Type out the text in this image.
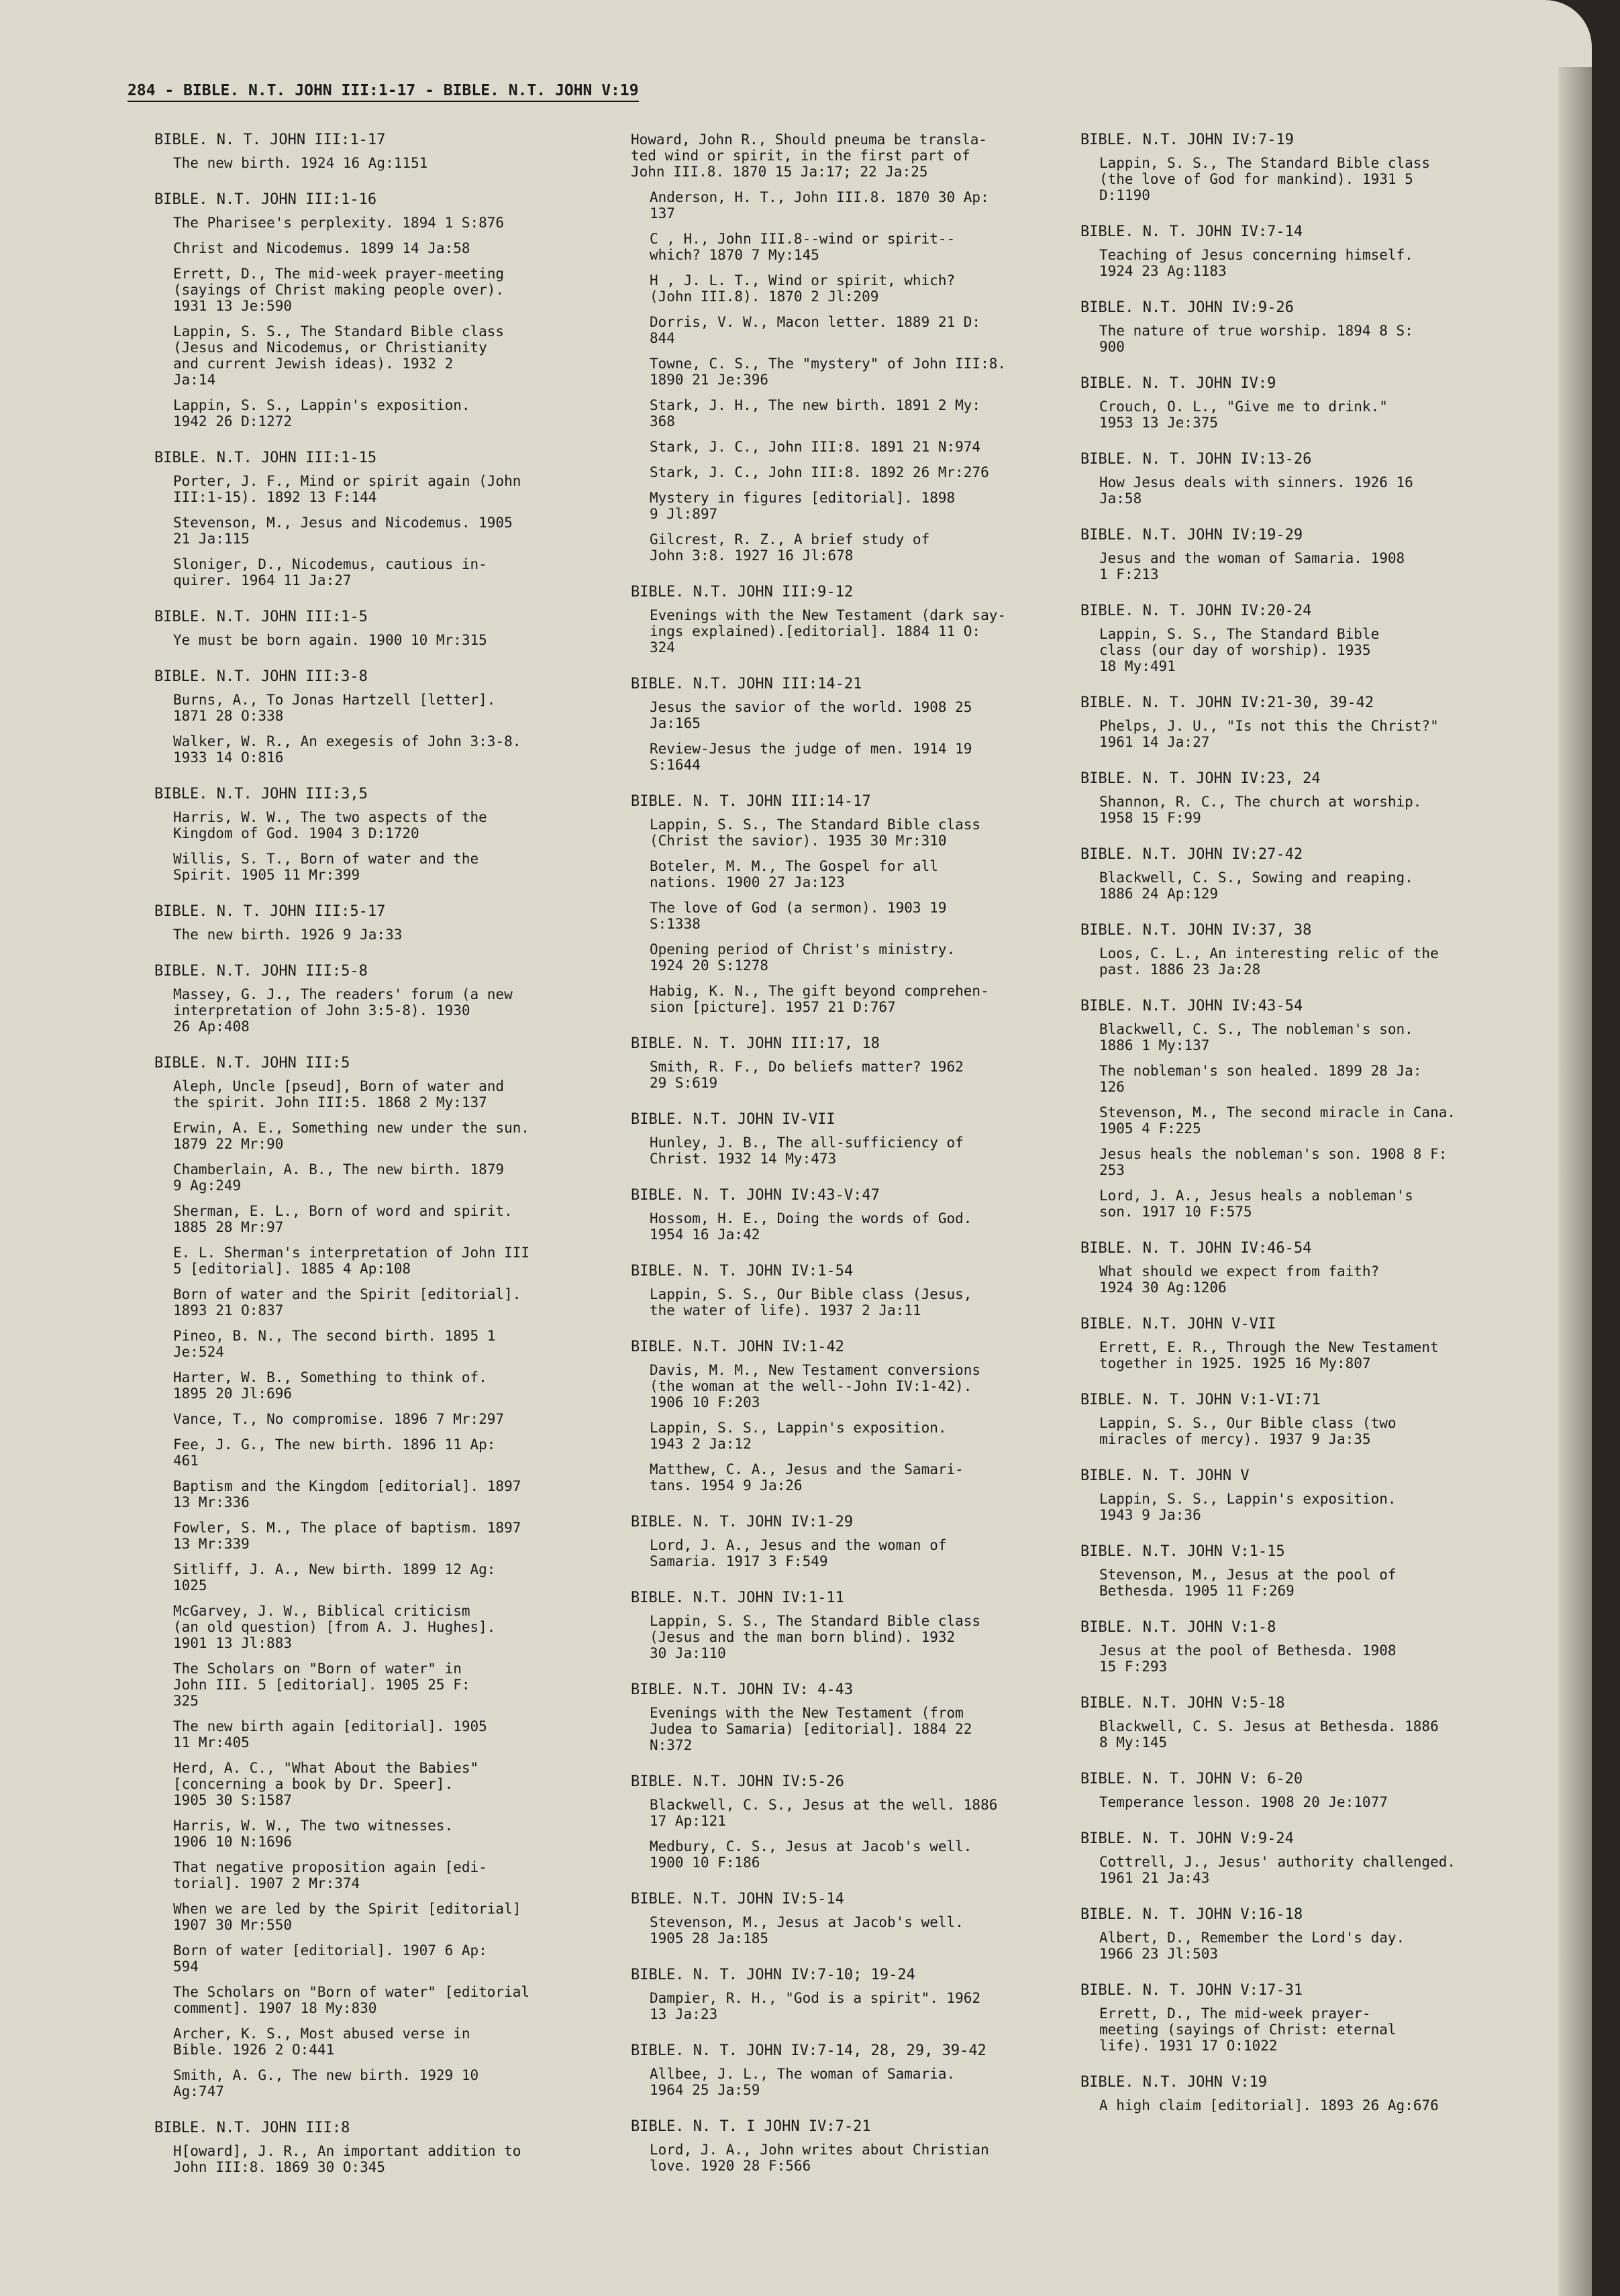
284 - BIBLE. N.T. JOHN III:1-17 - BIBLE. N.T. JOHN V:19
BIBLE. N. T. JOHN III:1-17
The new birth. 1924 16 Ag:1151
BIBLE. N.T. JOHN III:1-16
The Pharisee's perplexity. 1894 1 S:876
Christ and Nicodemus. 1899 14 Ja:58
Errett, D., The mid-week prayer-meeting
(sayings of Christ making people over).
1931 13 Je:590
Lappin, S. S., The Standard Bible class
(Jesus and Nicodemus, or Christianity
and current Jewish ideas). 1932 2
Ja:14
Lappin, S. S., Lappin's exposition.
1942 26 D:1272
BIBLE. N.T. JOHN III:1-15
Porter, J. F., Mind or spirit again (John
III:1-15). 1892 13 F:144
Stevenson, M., Jesus and Nicodemus. 1905
21 Ja:115
Sloniger, D., Nicodemus, cautious in-
quirer. 1964 11 Ja:27
BIBLE. N.T. JOHN III:1-5
Ye must be born again. 1900 10 Mr:315
BIBLE. N.T. JOHN III:3-8
Burns, A., To Jonas Hartzell [letter].
1871 28 O:338
Walker, W. R., An exegesis of John 3:3-8.
1933 14 O:816
BIBLE. N.T. JOHN III:3,5
Harris, W. W., The two aspects of the
Kingdom of God. 1904 3 D:1720
Willis, S. T., Born of water and the
Spirit. 1905 11 Mr:399
BIBLE. N. T. JOHN III:5-17
The new birth. 1926 9 Ja:33
BIBLE. N.T. JOHN III:5-8
Massey, G. J., The readers' forum (a new
interpretation of John 3:5-8). 1930
26 Ap:408
BIBLE. N.T. JOHN III:5
Aleph, Uncle [pseud], Born of water and
the spirit. John III:5. 1868 2 My:137
Erwin, A. E., Something new under the sun.
1879 22 Mr:90
Chamberlain, A. B., The new birth. 1879
9 Ag:249
Sherman, E. L., Born of word and spirit.
1885 28 Mr:97
E. L. Sherman's interpretation of John III
5 [editorial]. 1885 4 Ap:108
Born of water and the Spirit [editorial].
1893 21 O:837
Pineo, B. N., The second birth. 1895 1
Je:524
Harter, W. B., Something to think of.
1895 20 Jl:696
Vance, T., No compromise. 1896 7 Mr:297
Fee, J. G., The new birth. 1896 11 Ap:
461
Baptism and the Kingdom [editorial]. 1897
13 Mr:336
Fowler, S. M., The place of baptism. 1897
13 Mr:339
Sitliff, J. A., New birth. 1899 12 Ag:
1025
McGarvey, J. W., Biblical criticism
(an old question) [from A. J. Hughes].
1901 13 Jl:883
The Scholars on "Born of water" in
John III. 5 [editorial]. 1905 25 F:
325
The new birth again [editorial]. 1905
11 Mr:405
Herd, A. C., "What About the Babies"
[concerning a book by Dr. Speer].
1905 30 S:1587
Harris, W. W., The two witnesses.
1906 10 N:1696
That negative proposition again [edi-
torial]. 1907 2 Mr:374
When we are led by the Spirit [editorial]
1907 30 Mr:550
Born of water [editorial]. 1907 6 Ap:
594
The Scholars on "Born of water" [editorial
comment]. 1907 18 My:830
Archer, K. S., Most abused verse in
Bible. 1926 2 O:441
Smith, A. G., The new birth. 1929 10
Ag:747
BIBLE. N.T. JOHN III:8
H[oward], J. R., An important addition to
John III:8. 1869 30 O:345
Howard, John R., Should pneuma be transla-
ted wind or spirit, in the first part of
John III.8. 1870 15 Ja:17; 22 Ja:25
Anderson, H. T., John III.8. 1870 30 Ap:
137
C , H., John III.8--wind or spirit--
which? 1870 7 My:145
H , J. L. T., Wind or spirit, which?
(John III.8). 1870 2 Jl:209
Dorris, V. W., Macon letter. 1889 21 D:
844
Towne, C. S., The "mystery" of John III:8.
1890 21 Je:396
Stark, J. H., The new birth. 1891 2 My:
368
Stark, J. C., John III:8. 1891 21 N:974
Stark, J. C., John III:8. 1892 26 Mr:276
Mystery in figures [editorial]. 1898
9 Jl:897
Gilcrest, R. Z., A brief study of
John 3:8. 1927 16 Jl:678
BIBLE. N.T. JOHN III:9-12
Evenings with the New Testament (dark say-
ings explained).[editorial]. 1884 11 O:
324
BIBLE. N.T. JOHN III:14-21
Jesus the savior of the world. 1908 25
Ja:165
Review-Jesus the judge of men. 1914 19
S:1644
BIBLE. N. T. JOHN III:14-17
Lappin, S. S., The Standard Bible class
(Christ the savior). 1935 30 Mr:310
Boteler, M. M., The Gospel for all
nations. 1900 27 Ja:123
The love of God (a sermon). 1903 19
S:1338
Opening period of Christ's ministry.
1924 20 S:1278
Habig, K. N., The gift beyond comprehen-
sion [picture]. 1957 21 D:767
BIBLE. N. T. JOHN III:17, 18
Smith, R. F., Do beliefs matter? 1962
29 S:619
BIBLE. N.T. JOHN IV-VII
Hunley, J. B., The all-sufficiency of
Christ. 1932 14 My:473
BIBLE. N. T. JOHN IV:43-V:47
Hossom, H. E., Doing the words of God.
1954 16 Ja:42
BIBLE. N. T. JOHN IV:1-54
Lappin, S. S., Our Bible class (Jesus,
the water of life). 1937 2 Ja:11
BIBLE. N.T. JOHN IV:1-42
Davis, M. M., New Testament conversions
(the woman at the well--John IV:1-42).
1906 10 F:203
Lappin, S. S., Lappin's exposition.
1943 2 Ja:12
Matthew, C. A., Jesus and the Samari-
tans. 1954 9 Ja:26
BIBLE. N. T. JOHN IV:1-29
Lord, J. A., Jesus and the woman of
Samaria. 1917 3 F:549
BIBLE. N.T. JOHN IV:1-11
Lappin, S. S., The Standard Bible class
(Jesus and the man born blind). 1932
30 Ja:110
BIBLE. N.T. JOHN IV: 4-43
Evenings with the New Testament (from
Judea to Samaria) [editorial]. 1884 22
N:372
BIBLE. N.T. JOHN IV:5-26
Blackwell, C. S., Jesus at the well. 1886
17 Ap:121
Medbury, C. S., Jesus at Jacob's well.
1900 10 F:186
BIBLE. N.T. JOHN IV:5-14
Stevenson, M., Jesus at Jacob's well.
1905 28 Ja:185
BIBLE. N. T. JOHN IV:7-10; 19-24
Dampier, R. H., "God is a spirit". 1962
13 Ja:23
BIBLE. N. T. JOHN IV:7-14, 28, 29, 39-42
Allbee, J. L., The woman of Samaria.
1964 25 Ja:59
BIBLE. N. T. I JOHN IV:7-21
Lord, J. A., John writes about Christian
love. 1920 28 F:566
BIBLE. N.T. JOHN IV:7-19
Lappin, S. S., The Standard Bible class
(the love of God for mankind). 1931 5
D:1190
BIBLE. N. T. JOHN IV:7-14
Teaching of Jesus concerning himself.
1924 23 Ag:1183
BIBLE. N.T. JOHN IV:9-26
The nature of true worship. 1894 8 S:
900
BIBLE. N. T. JOHN IV:9
Crouch, O. L., "Give me to drink."
1953 13 Je:375
BIBLE. N. T. JOHN IV:13-26
How Jesus deals with sinners. 1926 16
Ja:58
BIBLE. N.T. JOHN IV:19-29
Jesus and the woman of Samaria. 1908
1 F:213
BIBLE. N. T. JOHN IV:20-24
Lappin, S. S., The Standard Bible
class (our day of worship). 1935
18 My:491
BIBLE. N. T. JOHN IV:21-30, 39-42
Phelps, J. U., "Is not this the Christ?"
1961 14 Ja:27
BIBLE. N. T. JOHN IV:23, 24
Shannon, R. C., The church at worship.
1958 15 F:99
BIBLE. N.T. JOHN IV:27-42
Blackwell, C. S., Sowing and reaping.
1886 24 Ap:129
BIBLE. N.T. JOHN IV:37, 38
Loos, C. L., An interesting relic of the
past. 1886 23 Ja:28
BIBLE. N.T. JOHN IV:43-54
Blackwell, C. S., The nobleman's son.
1886 1 My:137
The nobleman's son healed. 1899 28 Ja:
126
Stevenson, M., The second miracle in Cana.
1905 4 F:225
Jesus heals the nobleman's son. 1908 8 F:
253
Lord, J. A., Jesus heals a nobleman's
son. 1917 10 F:575
BIBLE. N. T. JOHN IV:46-54
What should we expect from faith?
1924 30 Ag:1206
BIBLE. N.T. JOHN V-VII
Errett, E. R., Through the New Testament
together in 1925. 1925 16 My:807
BIBLE. N. T. JOHN V:1-VI:71
Lappin, S. S., Our Bible class (two
miracles of mercy). 1937 9 Ja:35
BIBLE. N. T. JOHN V
Lappin, S. S., Lappin's exposition.
1943 9 Ja:36
BIBLE. N.T. JOHN V:1-15
Stevenson, M., Jesus at the pool of
Bethesda. 1905 11 F:269
BIBLE. N.T. JOHN V:1-8
Jesus at the pool of Bethesda. 1908
15 F:293
BIBLE. N.T. JOHN V:5-18
Blackwell, C. S. Jesus at Bethesda. 1886
8 My:145
BIBLE. N. T. JOHN V: 6-20
Temperance lesson. 1908 20 Je:1077
BIBLE. N. T. JOHN V:9-24
Cottrell, J., Jesus' authority challenged.
1961 21 Ja:43
BIBLE. N. T. JOHN V:16-18
Albert, D., Remember the Lord's day.
1966 23 Jl:503
BIBLE. N. T. JOHN V:17-31
Errett, D., The mid-week prayer-
meeting (sayings of Christ: eternal
life). 1931 17 O:1022
BIBLE. N.T. JOHN V:19
A high claim [editorial]. 1893 26 Ag:676
